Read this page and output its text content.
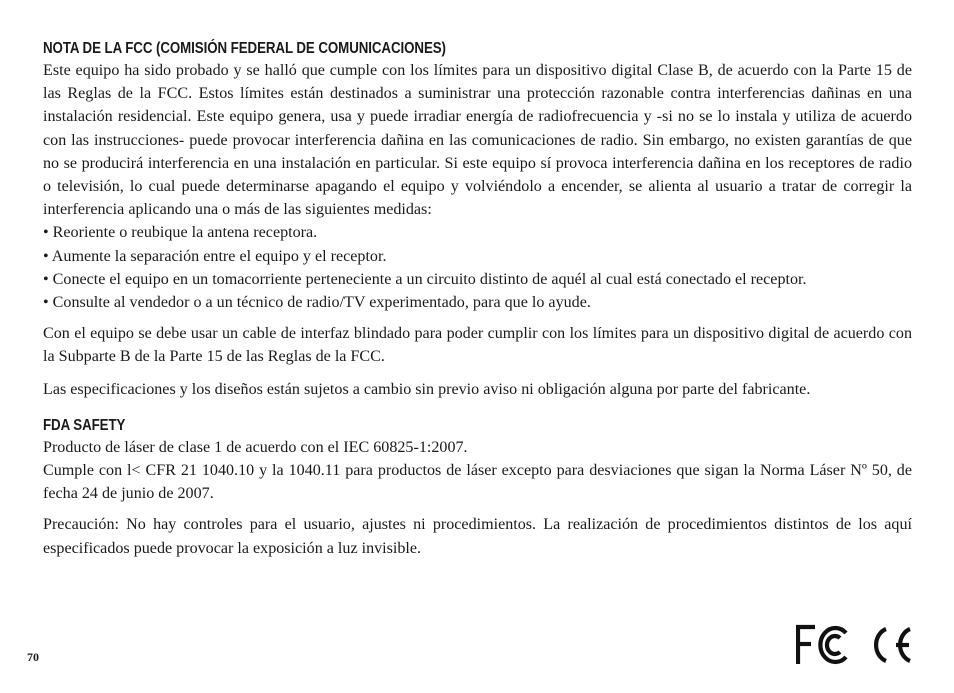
NOTA DE LA FCC (COMISIÓN FEDERAL DE COMUNICACIONES)

Este equipo ha sido probado y se halló que cumple con los límites para un dispositivo digital Clase B, de acuerdo con la Parte 15 de las Reglas de la FCC. Estos límites están destinados a suministrar una protección razonable contra interferencias dañinas en una instalación residencial. Este equipo genera, usa y puede irradiar energía de radiofrecuencia y -si no se lo instala y utiliza de acuerdo con las instrucciones- puede provocar interferencia dañina en las comunicaciones de radio. Sin embargo, no existen garantías de que no se producirá interferencia en una instalación en particular. Si este equipo sí provoca interferencia dañina en los receptores de radio o televisión, lo cual puede determinarse apagando el equipo y volviéndolo a encender, se alienta al usuario a tratar de corregir la interferencia aplicando una o más de las siguientes medidas:

• Reoriente o reubique la antena receptora.
• Aumente la separación entre el equipo y el receptor.
• Conecte el equipo en un tomacorriente perteneciente a un circuito distinto de aquél al cual está conectado el receptor.
• Consulte al vendedor o a un técnico de radio/TV experimentado, para que lo ayude.

Con el equipo se debe usar un cable de interfaz blindado para poder cumplir con los límites para un dispositivo digital de acuerdo con la Subparte B de la Parte 15 de las Reglas de la FCC.

Las especificaciones y los diseños están sujetos a cambio sin previo aviso ni obligación alguna por parte del fabricante.

FDA SAFETY

Producto de láser de clase 1 de acuerdo con el IEC 60825-1:2007.

Cumple con l< CFR 21 1040.10 y la 1040.11 para productos de láser excepto para desviaciones que sigan la Norma Láser Nº 50, de fecha 24 de junio de 2007.

Precaución: No hay controles para el usuario, ajustes ni procedimientos. La realización de procedimientos distintos de los aquí especificados puede provocar la exposición a luz invisible.

70
